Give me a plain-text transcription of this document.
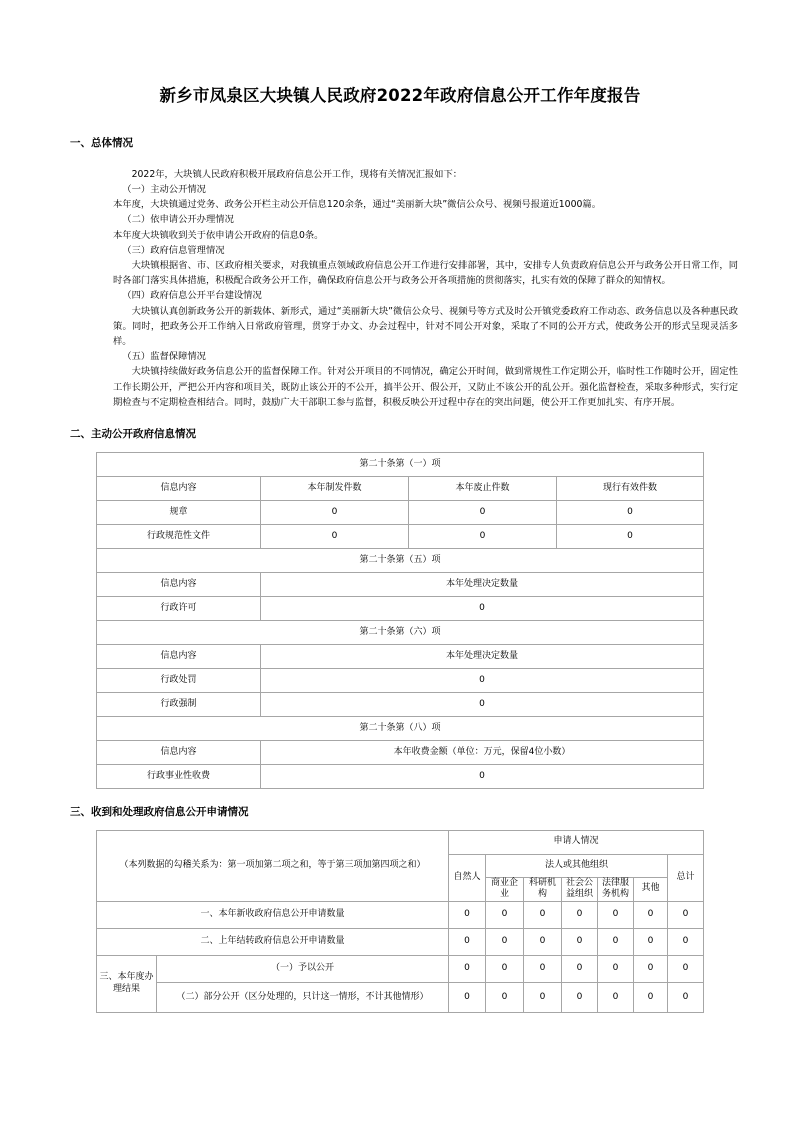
新乡市凤泉区大块镇人民政府2022年政府信息公开工作年度报告
一、总体情况

2022年，大块镇人民政府积极开展政府信息公开工作，现将有关情况汇报如下：

（一）主动公开情况

本年度，大块镇通过党务、政务公开栏主动公开信息120余条，通过“美丽新大块”微信公众号、视频号报道近1000篇。

（二）依申请公开办理情况

本年度大块镇收到关于依申请公开政府的信息0条。

（三）政府信息管理情况

大块镇根据省、市、区政府相关要求，对我镇重点领域政府信息公开工作进行安排部署，其中，安排专人负责政府信息公开与政务公开日常工作，同时各部门落实具体措施，积极配合政务公开工作，确保政府信息公开与政务公开各项措施的贯彻落实，扎实有效的保障了群众的知情权。

（四）政府信息公开平台建设情况

大块镇认真创新政务公开的新载体、新形式，通过“美丽新大块”微信公众号、视频号等方式及时公开镇党委政府工作动态、政务信息以及各种惠民政策。同时，把政务公开工作纳入日常政府管理，贯穿于办文、办会过程中，针对不同公开对象，采取了不同的公开方式，使政务公开的形式呈现灵活多样。

（五）监督保障情况

大块镇持续做好政务信息公开的监督保障工作。针对公开项目的不同情况，确定公开时间，做到常规性工作定期公开，临时性工作随时公开，固定性工作长期公开，严把公开内容和项目关，既防止该公开的不公开，搞半公开、假公开，又防止不该公开的乱公开。强化监督检查，采取多种形式，实行定期检查与不定期检查相结合。同时，鼓励广大干部职工参与监督，积极反映公开过程中存在的突出问题，使公开工作更加扎实、有序开展。

二、主动公开政府信息情况
第二十条第（一）项			
信息内容	本年制发件数	本年废止件数	现行有效件数
规章	0	0	0
行政规范性文件	0	0	0
第二十条第（五）项			
信息内容	本年处理决定数量		
行政许可	0		
第二十条第（六）项			
信息内容	本年处理决定数量		
行政处罚	0		
行政强制	0		
第二十条第（八）项			
信息内容	本年收费金额（单位：万元，保留4位小数）		
行政事业性收费	0		
三、收到和处理政府信息公开申请情况
（本列数据的勾稽关系为：第一项加第二项之和，等于第三项加第四项之和）		申请人情况						
		自然人	法人或其他组织					总计
			商业企业	科研机构	社会公益组织	法律服务机构	其他	
一、本年新收政府信息公开申请数量		0	0	0	0	0	0	0
二、上年结转政府信息公开申请数量		0	0	0	0	0	0	0
三、本年度办理结果	（一）予以公开	0	0	0	0	0	0	0
	（二）部分公开（区分处理的，只计这一情形，不计其他情形）	0	0	0	0	0	0	0
